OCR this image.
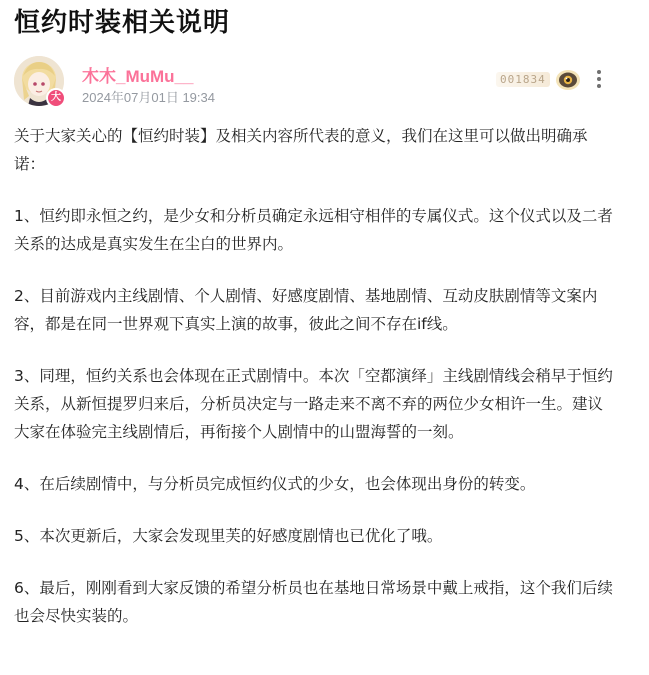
恒约时装相关说明
大
木木_MuMu__
2024年07月01日 19:34
001834

关于大家关心的【恒约时装】及相关内容所代表的意义，我们在这里可以做出明确承诺：

1、恒约即永恒之约，是少女和分析员确定永远相守相伴的专属仪式。这个仪式以及二者关系的达成是真实发生在尘白的世界内。

2、目前游戏内主线剧情、个人剧情、好感度剧情、基地剧情、互动皮肤剧情等文案内容，都是在同一世界观下真实上演的故事，彼此之间不存在if线。

3、同理，恒约关系也会体现在正式剧情中。本次「空都演绎」主线剧情线会稍早于恒约关系，从新恒提罗归来后，分析员决定与一路走来不离不弃的两位少女相许一生。建议大家在体验完主线剧情后，再衔接个人剧情中的山盟海誓的一刻。

4、在后续剧情中，与分析员完成恒约仪式的少女，也会体现出身份的转变。

5、本次更新后，大家会发现里芙的好感度剧情也已优化了哦。

6、最后，刚刚看到大家反馈的希望分析员也在基地日常场景中戴上戒指，这个我们后续也会尽快实装的。
